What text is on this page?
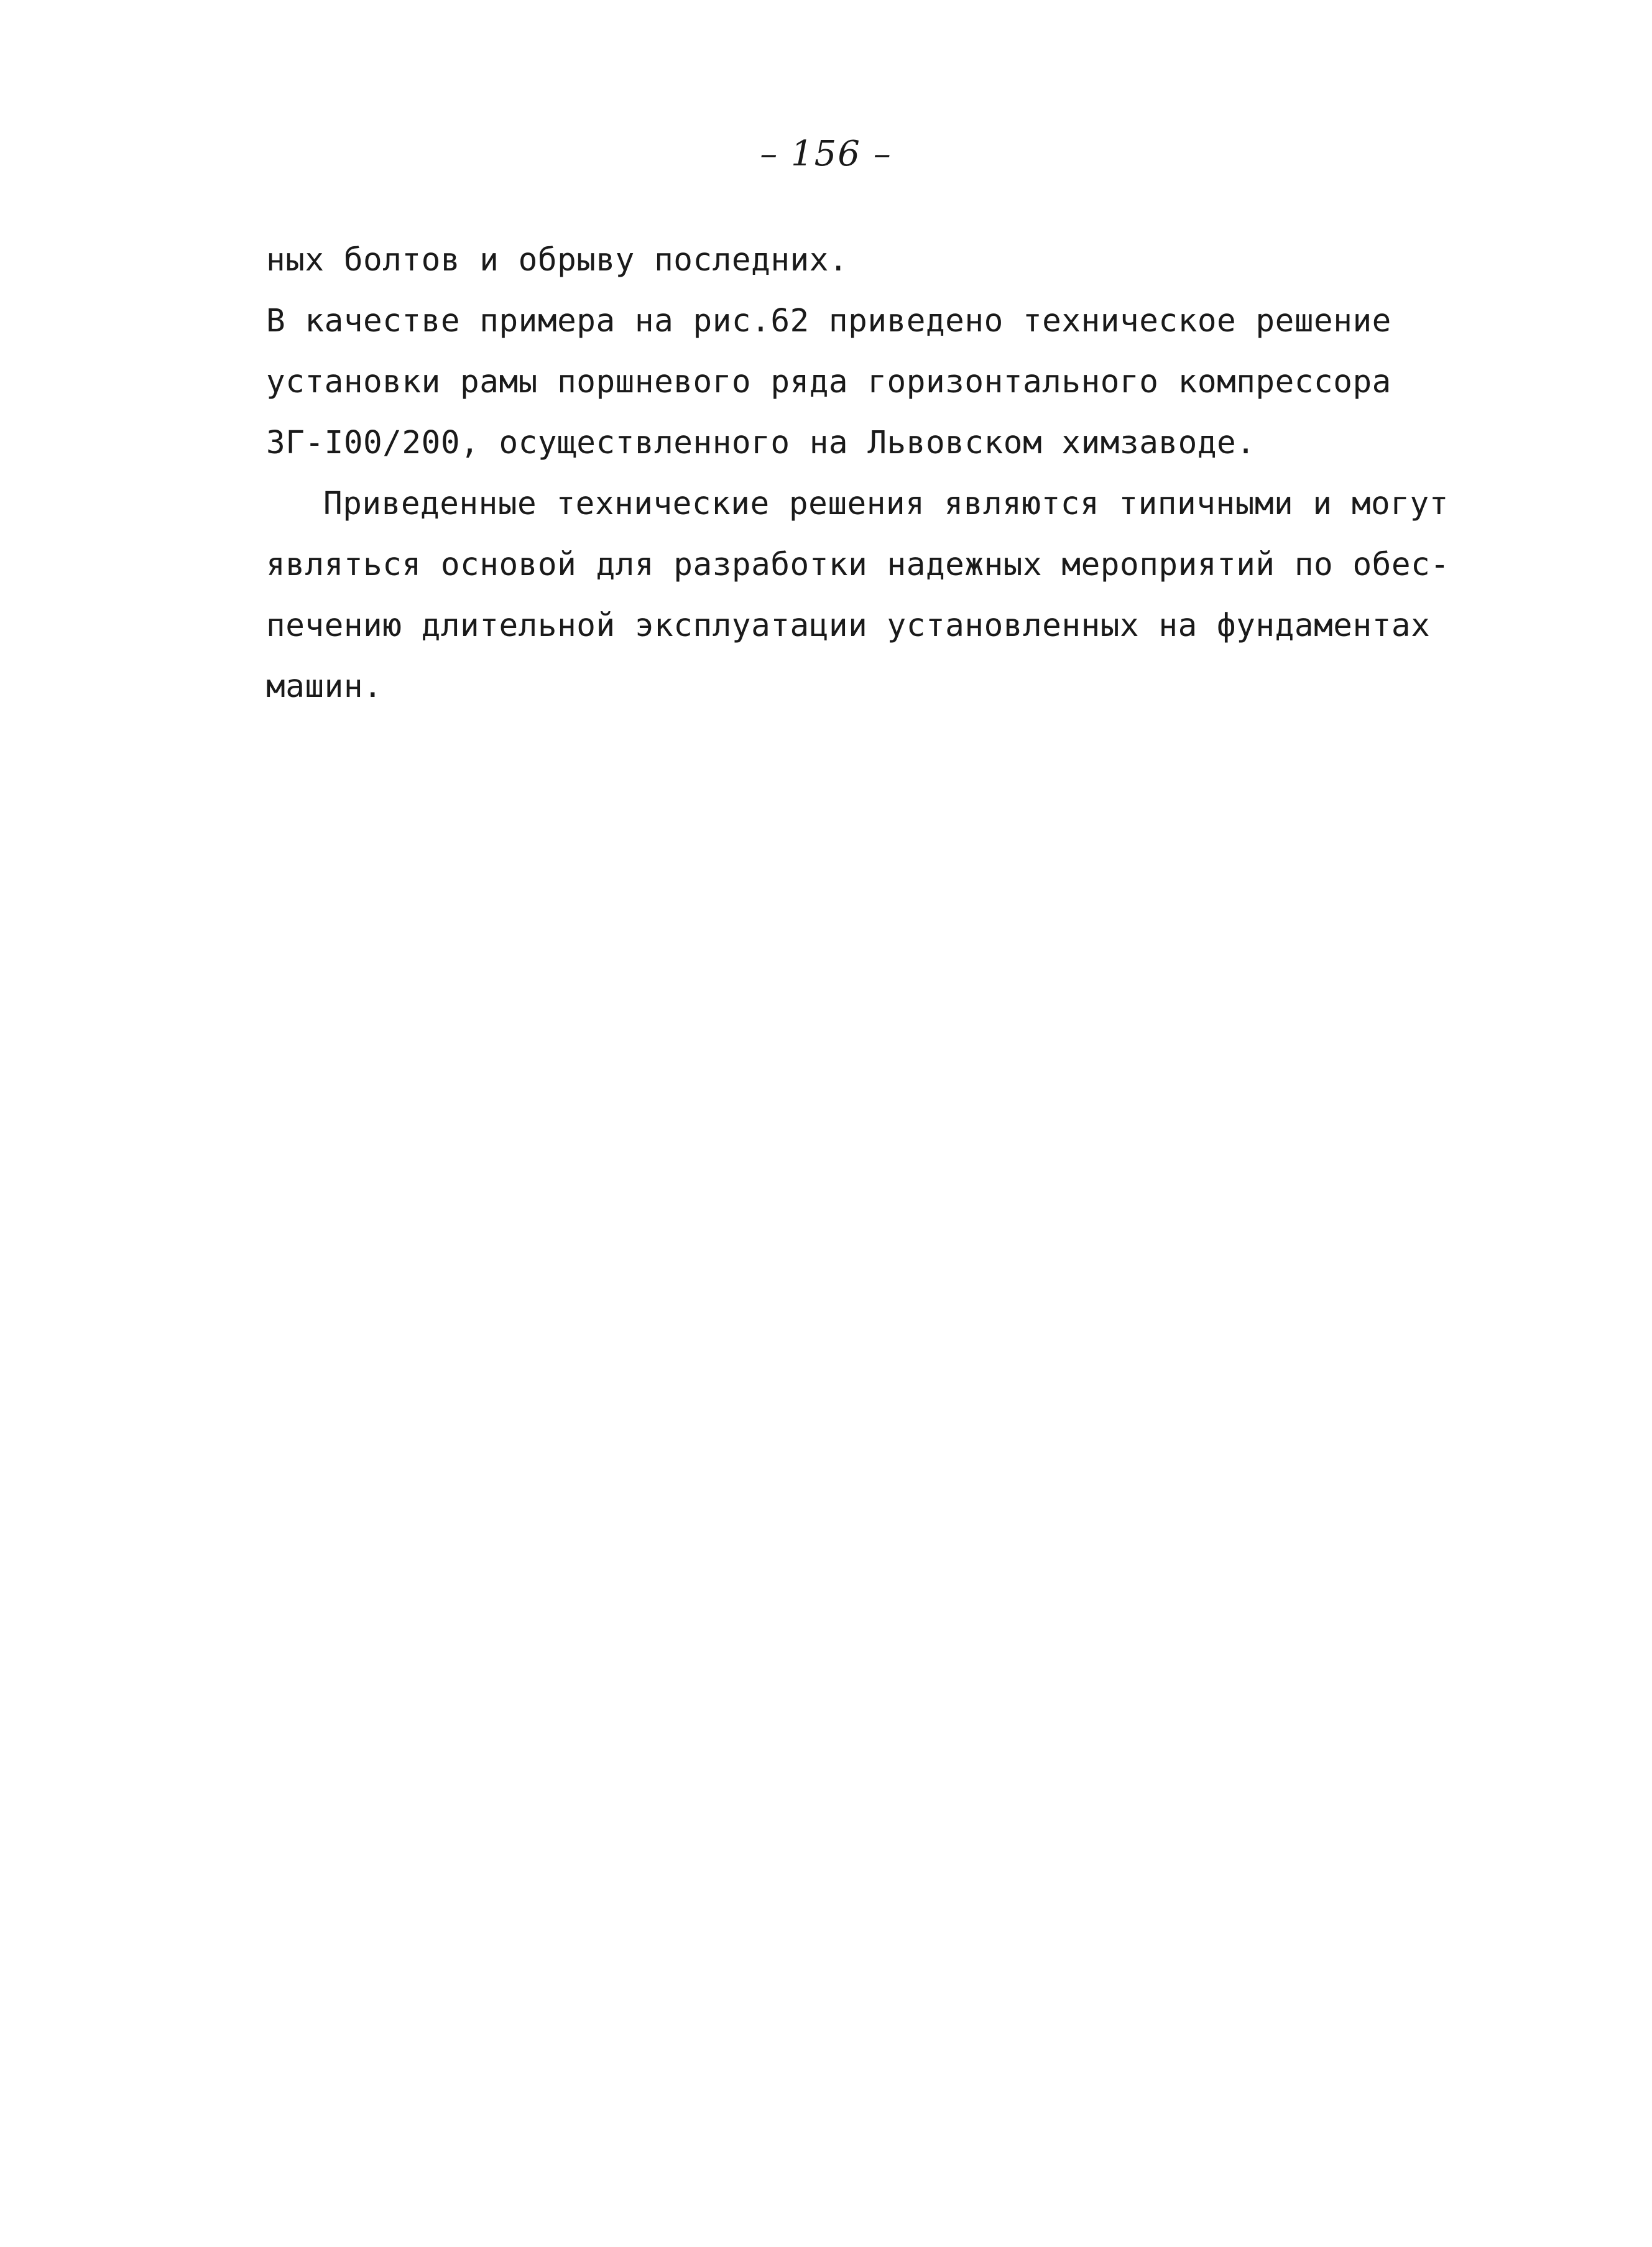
– 156 –
ных болтов и обрыву последних.
В качестве примера на рис.62 приведено техническое решение
установки рамы поршневого ряда горизонтального компрессора
3Г-I00/200, осуществленного на Львовском химзаводе.
Приведенные технические решения являются типичными и могут
являться основой для разработки надежных мероприятий по обес-
печению длительной эксплуатации установленных на фундаментах
машин.
